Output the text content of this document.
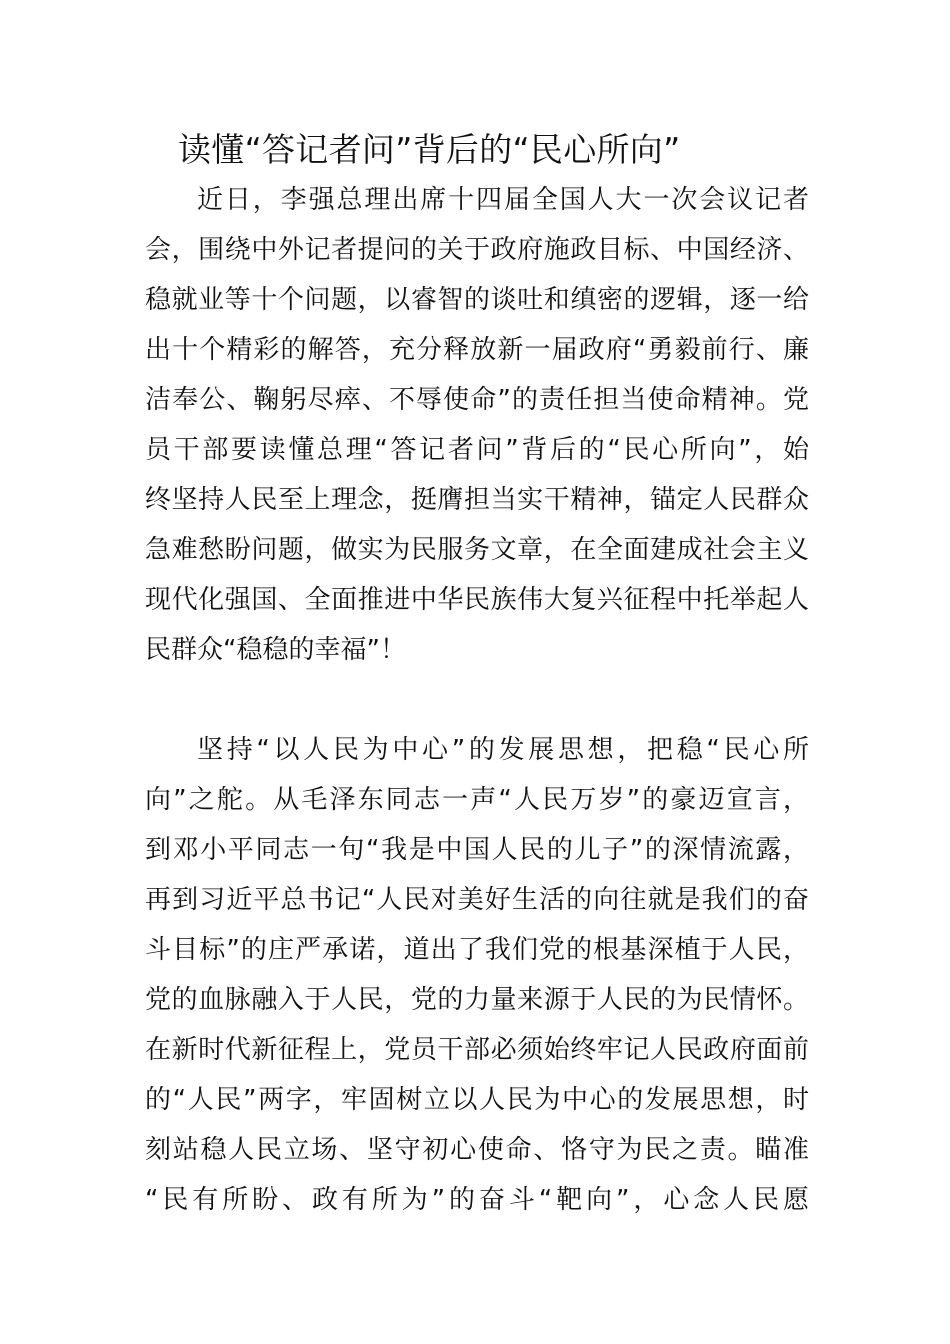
读懂“答记者问”背后的“民心所向”
近日，李强总理出席十四届全国人大一次会议记者
会，围绕中外记者提问的关于政府施政目标、中国经济、
稳就业等十个问题，以睿智的谈吐和缜密的逻辑，逐一给
出十个精彩的解答，充分释放新一届政府“勇毅前行、廉
洁奉公、鞠躬尽瘁、不辱使命”的责任担当使命精神。党
员干部要读懂总理“答记者问”背后的“民心所向”，始
终坚持人民至上理念，挺膺担当实干精神，锚定人民群众
急难愁盼问题，做实为民服务文章，在全面建成社会主义
现代化强国、全面推进中华民族伟大复兴征程中托举起人
民群众“稳稳的幸福”！
坚持“以人民为中心”的发展思想，把稳“民心所
向”之舵。从毛泽东同志一声“人民万岁”的豪迈宣言，
到邓小平同志一句“我是中国人民的儿子”的深情流露，
再到习近平总书记“人民对美好生活的向往就是我们的奋
斗目标”的庄严承诺，道出了我们党的根基深植于人民，
党的血脉融入于人民，党的力量来源于人民的为民情怀。
在新时代新征程上，党员干部必须始终牢记人民政府面前
的“人民”两字，牢固树立以人民为中心的发展思想，时
刻站稳人民立场、坚守初心使命、恪守为民之责。瞄准
“民有所盼、政有所为”的奋斗“靶向”，心念人民愿
